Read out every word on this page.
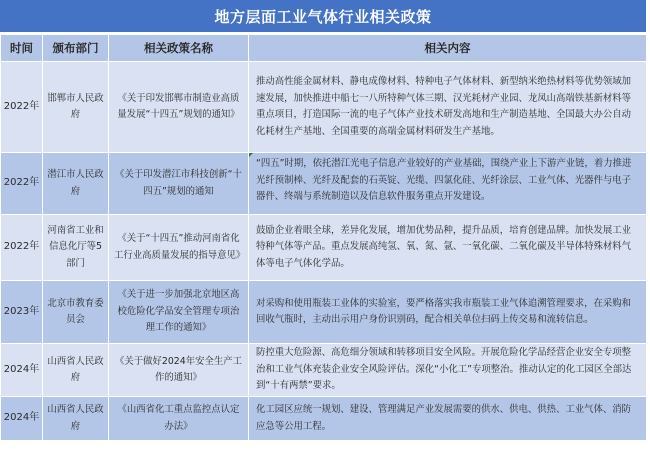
地方层面工业气体行业相关政策
时间	颁布部门	相关政策名称	相关内容
2022年	邯郸市人民政府	《关于印发邯郸市制造业高质量发展“十四五”规划的通知》	推动高性能金属材料、静电成像材料、特种电子气体材料、新型纳米绝热材料等优势领域加速发展，加快推进中船七一八所特种气体三期、汉光耗材产业园、龙凤山高端铁基新材料等重点项目，打造国际一流的电子气体产业技术研发高地和生产制造基地、全国最大办公自动化耗材生产基地、全国重要的高端金属材料研发生产基地。
2022年	潜江市人民政府	《关于印发潜江市科技创新“十四五”规划的通知	“四五”时期，依托潜江光电子信息产业较好的产业基础，围绕产业上下游产业链，着力推进光纤预制棒、光纤及配套的石英锭、光缆、四氯化硅、光纤涂层、工业气体、光器件与电子器件、终端与系统制造以及信息软件服务重点开发建设。
2022年	河南省工业和信息化厅等5部门	《关于“十四五”推动河南省化工行业高质量发展的指导意见》	鼓励企业着眼全球，差异化发展，增加优势品种，提升品质，培育创建品牌。加快发展工业特种气体等产品。重点发展高纯氢、氧、氮、氩、一氧化碳、二氧化碳及半导体特殊材料气体等电子气体化学品。
2023年	北京市教育委员会	《关于进一步加强北京地区高校危险化学品安全管理专项治理工作的通知》	对采购和使用瓶装工业体的实验室，要严格落实我市瓶装工业气体追溯管理要求，在采购和回收气瓶时，主动出示用户身份识别码，配合相关单位扫码上传交易和流转信息。
2024年	山西省人民政府	《关于做好2024年安全生产工作的通知》	防控重大危险源、高危细分领域和转移项目安全风险。开展危险化学品经营企业安全专项整治和工业气体充装企业安全风险评估。深化“小化工”专项整治。推动认定的化工园区全部达到“十有两禁”要求。
2024年	山西省人民政府	《山西省化工重点监控点认定办法》	化工园区应统一规划、建设、管理满足产业发展需要的供水、供电、供热、工业气体、消防应急等公用工程。
